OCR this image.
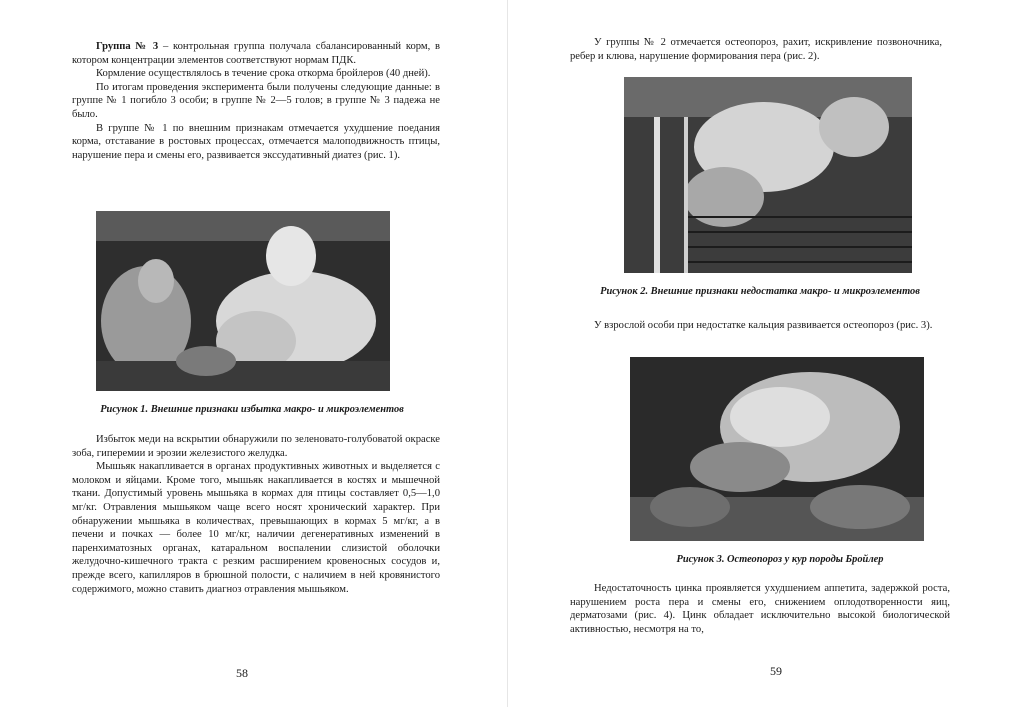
Группа № 3 – контрольная группа получала сбалансированный корм, в котором концентрации элементов соответствуют нормам ПДК.

Кормление осуществлялось в течение срока откорма бройлеров (40 дней).

По итогам проведения эксперимента были получены следующие данные: в группе № 1 погибло 3 особи; в группе № 2—5 голов; в группе № 3 падежа не было.

В группе № 1 по внешним признакам отмечается ухудшение поедания корма, отставание в ростовых процессах, отмечается малоподвижность птицы, нарушение пера и смены его, развивается экссудативный диатез (рис. 1).

Рисунок 1. Внешние признаки избытка макро- и микроэлементов

Избыток меди на вскрытии обнаружили по зеленовато-голубоватой окраске зоба, гиперемии и эрозии железистого желудка.

Мышьяк накапливается в органах продуктивных животных и выделяется с молоком и яйцами. Кроме того, мышьяк накапливается в костях и мышечной ткани. Допустимый уровень мышьяка в кормах для птицы составляет 0,5—1,0 мг/кг. Отравления мышьяком чаще всего носят хронический характер. При обнаружении мышьяка в количествах, превышающих в кормах 5 мг/кг, а в печени и почках — более 10 мг/кг, наличии дегенеративных изменений в паренхиматозных органах, катаральном воспалении слизистой оболочки желудочно-кишечного тракта с резким расширением кровеносных сосудов и, прежде всего, капилляров в брюшной полости, с наличием в ней кровянистого содержимого, можно ставить диагноз отравления мышьяком.

58

У группы № 2 отмечается остеопороз, рахит, искривление позвоночника, ребер и клюва, нарушение формирования пера (рис. 2).

Рисунок 2. Внешние признаки недостатка макро- и микроэлементов

У взрослой особи при недостатке кальция развивается остеопороз (рис. 3).

Рисунок 3. Остеопороз у кур породы Бройлер

Недостаточность цинка проявляется ухудшением аппетита, задержкой роста, нарушением роста пера и смены его, снижением оплодотворенности яиц, дерматозами (рис. 4). Цинк обладает исключительно высокой биологической активностью, несмотря на то,

59
